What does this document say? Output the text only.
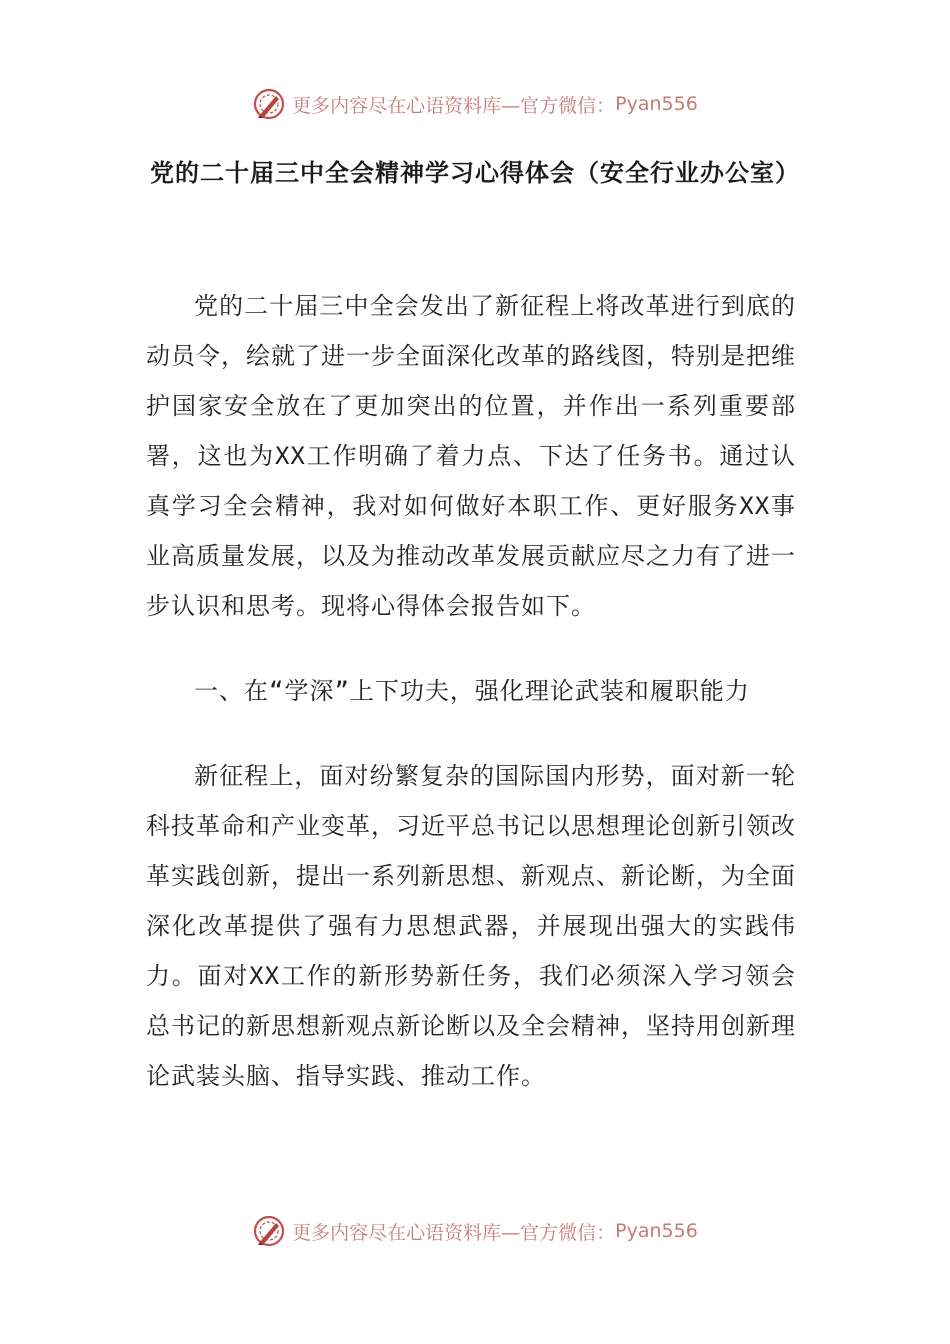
更多内容尽在心语资料库—官方微信： Pyan556
党的二十届三中全会精神学习心得体会（安全行业办公室）

党的二十届三中全会发出了新征程上将改革进行到底的动员令，绘就了进一步全面深化改革的路线图，特别是把维护国家安全放在了更加突出的位置，并作出一系列重要部署，这也为XX工作明确了着力点、下达了任务书。通过认真学习全会精神，我对如何做好本职工作、更好服务XX事业高质量发展，以及为推动改革发展贡献应尽之力有了进一步认识和思考。现将心得体会报告如下。

一、在“学深”上下功夫，强化理论武装和履职能力

新征程上，面对纷繁复杂的国际国内形势，面对新一轮科技革命和产业变革，习近平总书记以思想理论创新引领改革实践创新，提出一系列新思想、新观点、新论断，为全面深化改革提供了强有力思想武器，并展现出强大的实践伟力。面对XX工作的新形势新任务，我们必须深入学习领会总书记的新思想新观点新论断以及全会精神，坚持用创新理论武装头脑、指导实践、推动工作。

更多内容尽在心语资料库—官方微信： Pyan556
